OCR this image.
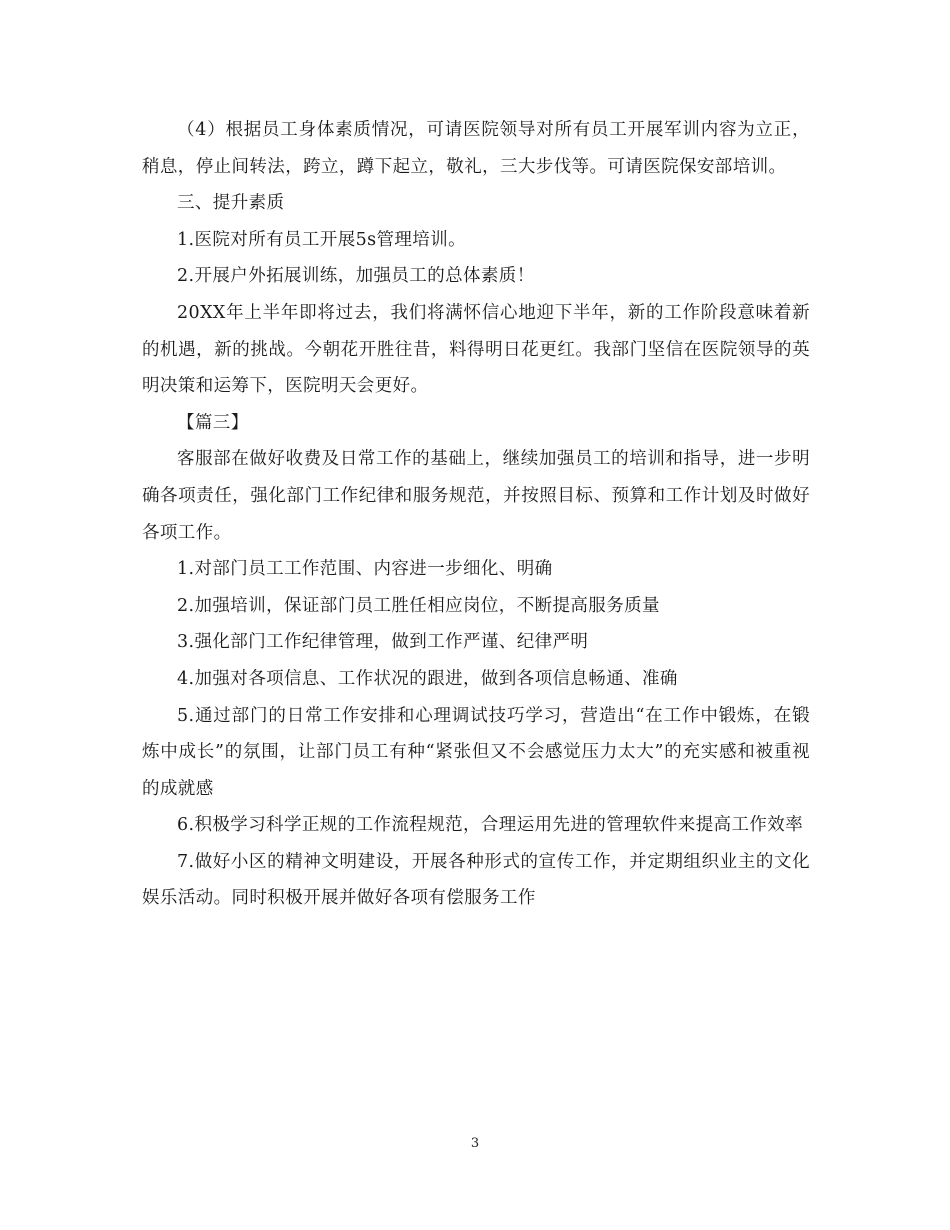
（4）根据员工身体素质情况，可请医院领导对所有员工开展军训内容为立正，稍息，停止间转法，跨立，蹲下起立，敬礼，三大步伐等。可请医院保安部培训。

三、提升素质

1.医院对所有员工开展5s管理培训。

2.开展户外拓展训练，加强员工的总体素质！

20XX年上半年即将过去，我们将满怀信心地迎下半年，新的工作阶段意味着新的机遇，新的挑战。今朝花开胜往昔，料得明日花更红。我部门坚信在医院领导的英明决策和运筹下，医院明天会更好。

【篇三】

客服部在做好收费及日常工作的基础上，继续加强员工的培训和指导，进一步明确各项责任，强化部门工作纪律和服务规范，并按照目标、预算和工作计划及时做好各项工作。

1.对部门员工工作范围、内容进一步细化、明确

2.加强培训，保证部门员工胜任相应岗位，不断提高服务质量

3.强化部门工作纪律管理，做到工作严谨、纪律严明

4.加强对各项信息、工作状况的跟进，做到各项信息畅通、准确

5.通过部门的日常工作安排和心理调试技巧学习，营造出“在工作中锻炼，在锻炼中成长”的氛围，让部门员工有种“紧张但又不会感觉压力太大”的充实感和被重视的成就感

6.积极学习科学正规的工作流程规范，合理运用先进的管理软件来提高工作效率

7.做好小区的精神文明建设，开展各种形式的宣传工作，并定期组织业主的文化娱乐活动。同时积极开展并做好各项有偿服务工作

3
